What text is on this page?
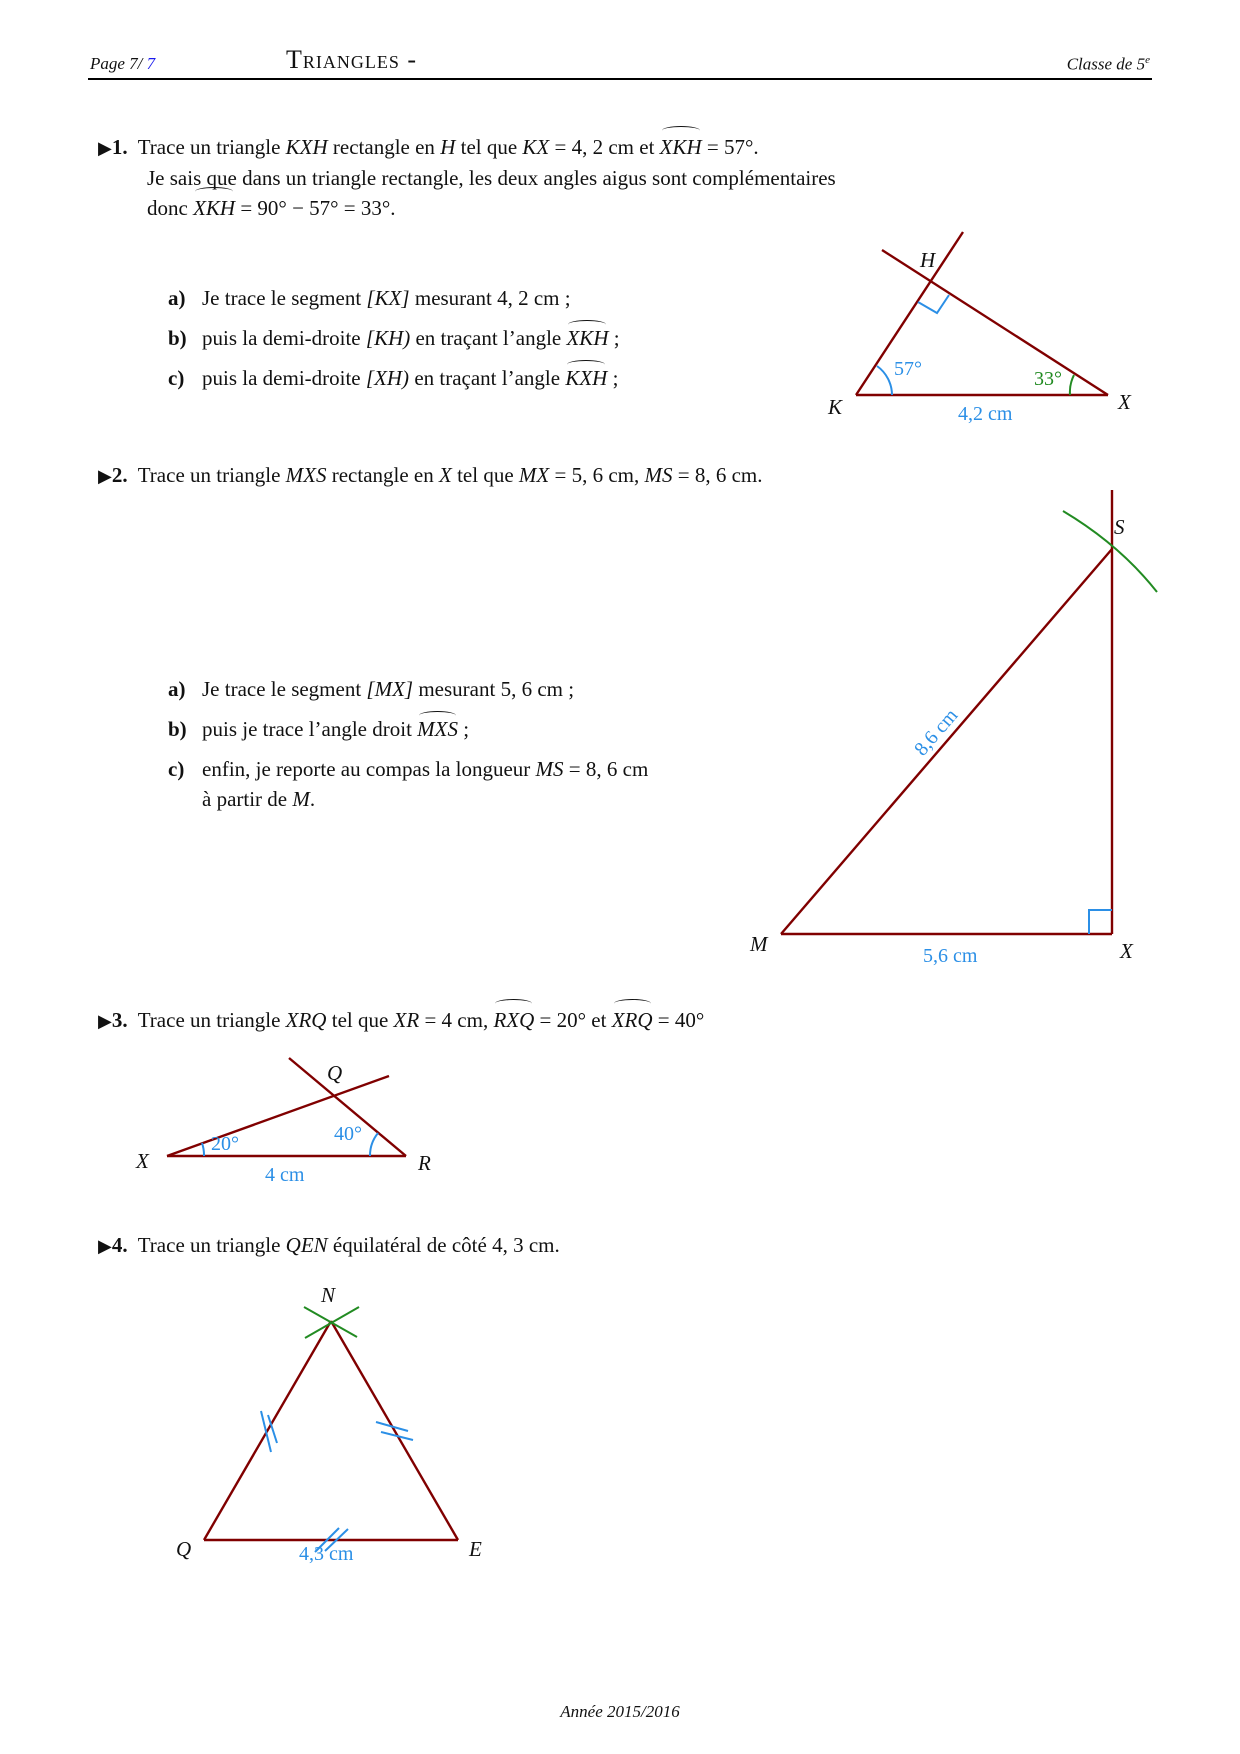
Page 7/ 7	Triangles -	Classe de 5e
▶1. Trace un triangle KXH rectangle en H tel que KX = 4, 2 cm et XKH = 57°.
Je sais que dans un triangle rectangle, les deux angles aigus sont complémentaires
donc XKH = 90° − 57° = 33°.
a) Je trace le segment [KX] mesurant 4, 2 cm ;
b) puis la demi-droite [KH) en traçant l’angle XKH ;
c) puis la demi-droite [XH) en traçant l’angle KXH ;	57°	33°
4,2 cm
H
K	X
▶2. Trace un triangle MXS rectangle en X tel que MX = 5, 6 cm, MS = 8, 6 cm.
a) Je trace le segment [MX] mesurant 5, 6 cm ;
b) puis je trace l’angle droit MXS ;
c) enfin, je reporte au compas la longueur MS = 8, 6 cm
à partir de M.
5,6 cm
8,6 cm
M	X
S
▶3. Trace un triangle XRQ tel que XR = 4 cm, RXQ = 20° et XRQ = 40°
20°	40°
4 cm
X	R
Q
▶4. Trace un triangle QEN équilatéral de côté 4, 3 cm.
4,3 cm
Q	E
N
Année 2015/2016
